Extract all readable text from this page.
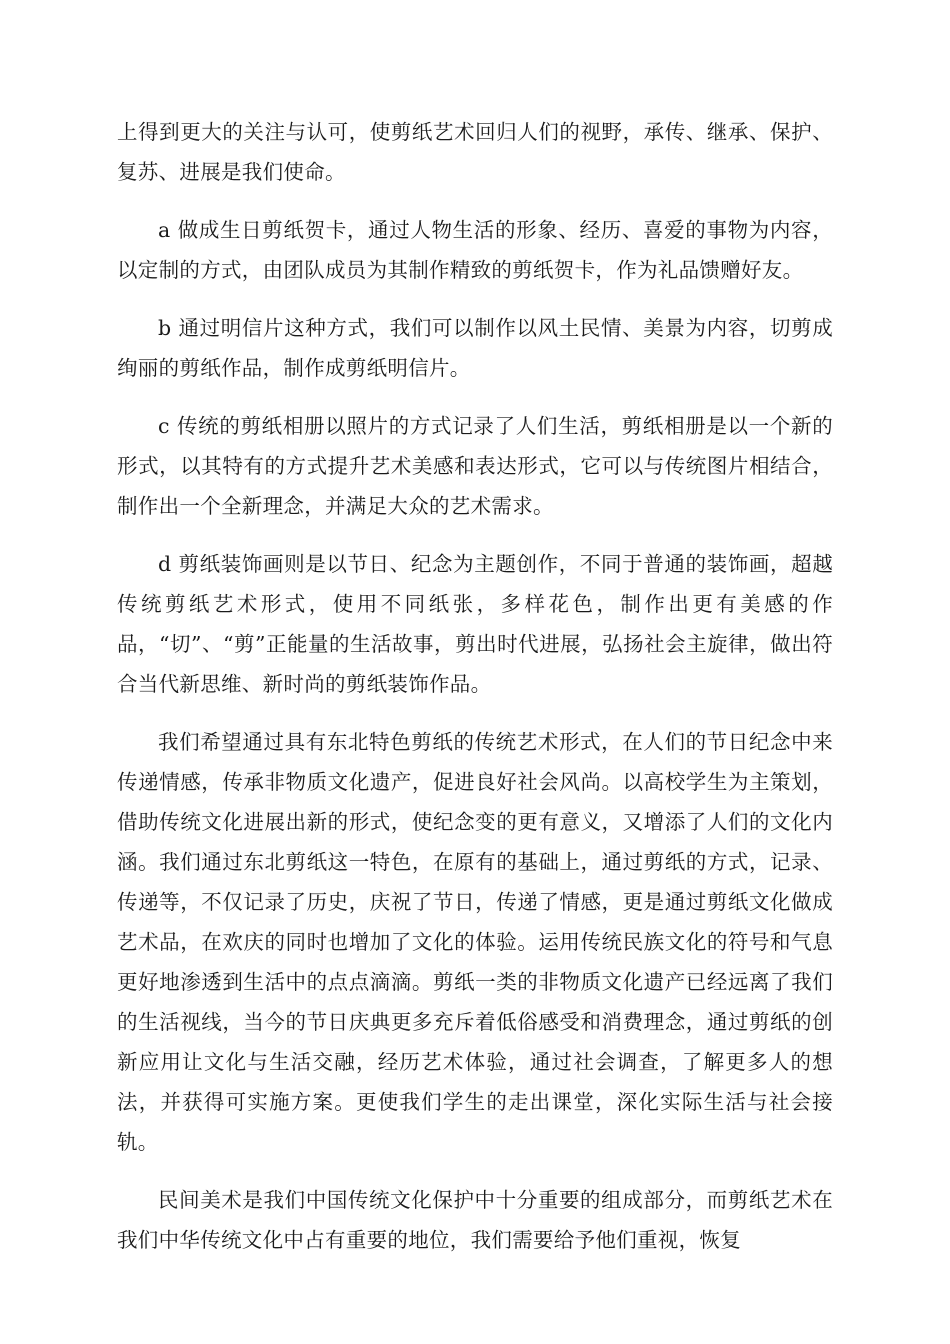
上得到更大的关注与认可，使剪纸艺术回归人们的视野，承传、继承、保护、复苏、进展是我们使命。

a 做成生日剪纸贺卡，通过人物生活的形象、经历、喜爱的事物为内容，以定制的方式，由团队成员为其制作精致的剪纸贺卡，作为礼品馈赠好友。

b 通过明信片这种方式，我们可以制作以风土民情、美景为内容，切剪成绚丽的剪纸作品，制作成剪纸明信片。

c 传统的剪纸相册以照片的方式记录了人们生活，剪纸相册是以一个新的形式，以其特有的方式提升艺术美感和表达形式，它可以与传统图片相结合，制作出一个全新理念，并满足大众的艺术需求。

d 剪纸装饰画则是以节日、纪念为主题创作，不同于普通的装饰画，超越传统剪纸艺术形式，使用不同纸张，多样花色，制作出更有美感的作品，“切”、“剪”正能量的生活故事，剪出时代进展，弘扬社会主旋律，做出符合当代新思维、新时尚的剪纸装饰作品。

我们希望通过具有东北特色剪纸的传统艺术形式，在人们的节日纪念中来传递情感，传承非物质文化遗产，促进良好社会风尚。以高校学生为主策划，借助传统文化进展出新的形式，使纪念变的更有意义，又增添了人们的文化内涵。我们通过东北剪纸这一特色，在原有的基础上，通过剪纸的方式，记录、传递等，不仅记录了历史，庆祝了节日，传递了情感，更是通过剪纸文化做成艺术品，在欢庆的同时也增加了文化的体验。运用传统民族文化的符号和气息更好地渗透到生活中的点点滴滴。剪纸一类的非物质文化遗产已经远离了我们的生活视线，当今的节日庆典更多充斥着低俗感受和消费理念，通过剪纸的创新应用让文化与生活交融，经历艺术体验，通过社会调查，了解更多人的想法，并获得可实施方案。更使我们学生的走出课堂，深化实际生活与社会接轨。

民间美术是我们中国传统文化保护中十分重要的组成部分，而剪纸艺术在我们中华传统文化中占有重要的地位，我们需要给予他们重视，恢复
